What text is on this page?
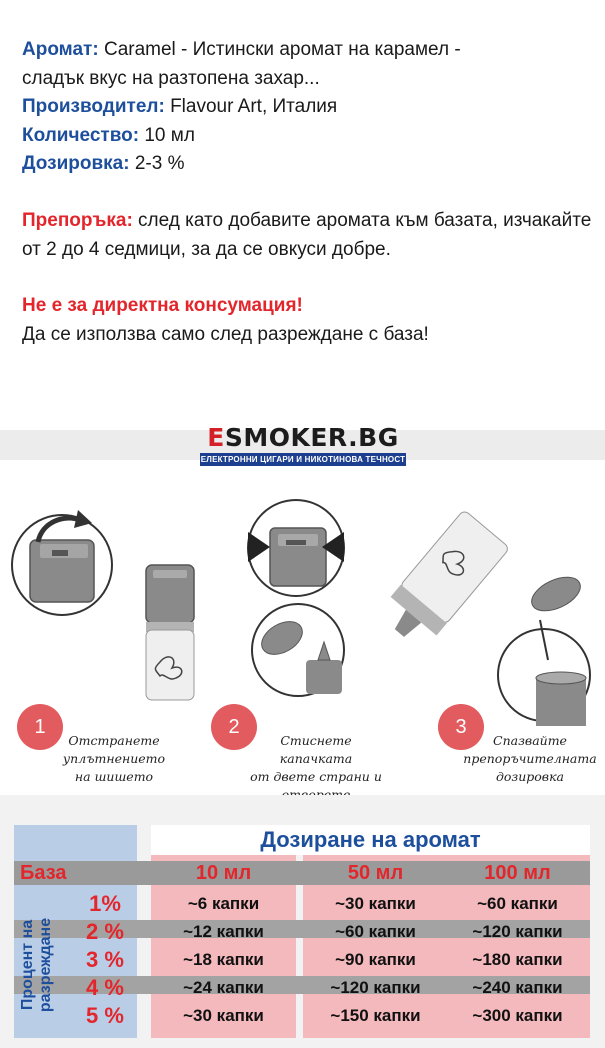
Аромат: Caramel - Истински аромат на карамел -
сладък вкус на разтопена захар...
Производител: Flavour Art, Италия
Количество: 10 мл
Дозировка: 2-3 %
Препоръка: след като добавите аромата към базата, изчакайте от 2 до 4 седмици, за да се овкуси добре.
Не е за директна консумация!
Да се използва само след разреждане с база!
ESMOKER.BG
ЕЛЕКТРОННИ ЦИГАРИ И НИКОТИНОВА ТЕЧНОСТ
1
Отстранете
уплътнението
на шишето
2
Стиснете капачката
от двете страни и
3
Спазвайте
препоръчителната
дозировка
Дозиране на аромат
База	10 мл	50 мл	100 мл
Процент на
разреждане
1%	~6 капки	~30 капки	~60 капки
2 %	~12 капки	~60 капки	~120 капки
3 %	~18 капки	~90 капки	~180 капки
4 %	~24 капки	~120 капки	~240 капки
5 %	~30 капки	~150 капки	~300 капки
